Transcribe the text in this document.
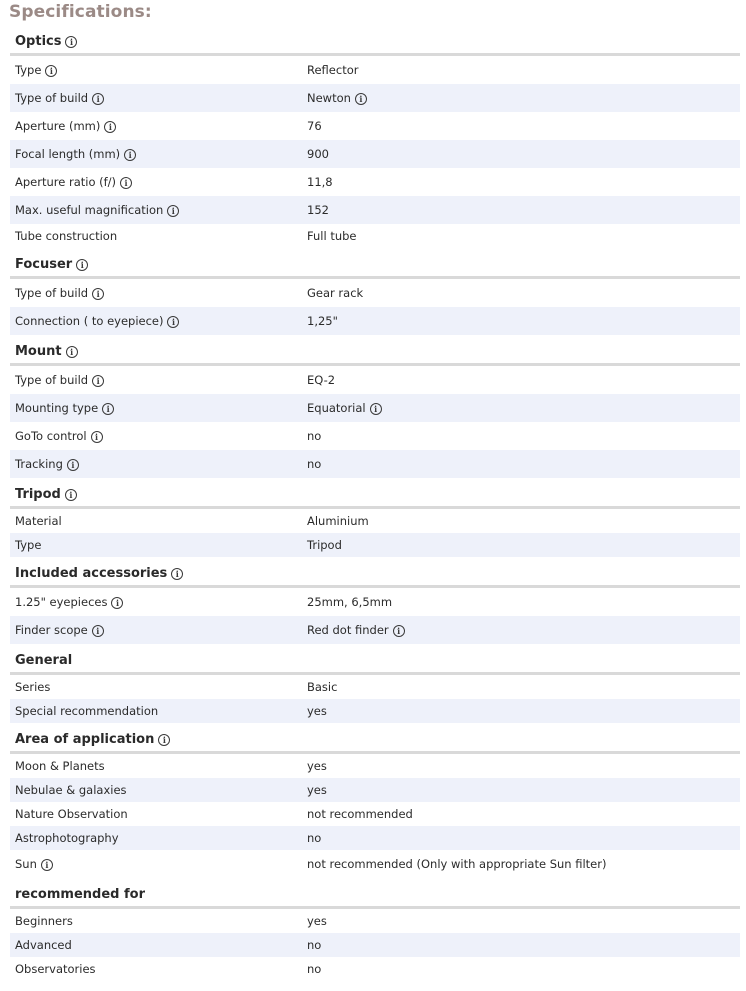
Specifications:
Optics i
Type i	Reflector
Type of build i	Newton i
Aperture (mm) i	76
Focal length (mm) i	900
Aperture ratio (f/) i	11,8
Max. useful magnification i	152
Tube construction	Full tube
Focuser i
Type of build i	Gear rack
Connection ( to eyepiece) i	1,25"
Mount i
Type of build i	EQ-2
Mounting type i	Equatorial i
GoTo control i	no
Tracking i	no
Tripod i
Material	Aluminium
Type	Tripod
Included accessories i
1.25" eyepieces i	25mm, 6,5mm
Finder scope i	Red dot finder i
General
Series	Basic
Special recommendation	yes
Area of application i
Moon & Planets	yes
Nebulae & galaxies	yes
Nature Observation	not recommended
Astrophotography	no
Sun i	not recommended (Only with appropriate Sun filter)
recommended for
Beginners	yes
Advanced	no
Observatories	no
